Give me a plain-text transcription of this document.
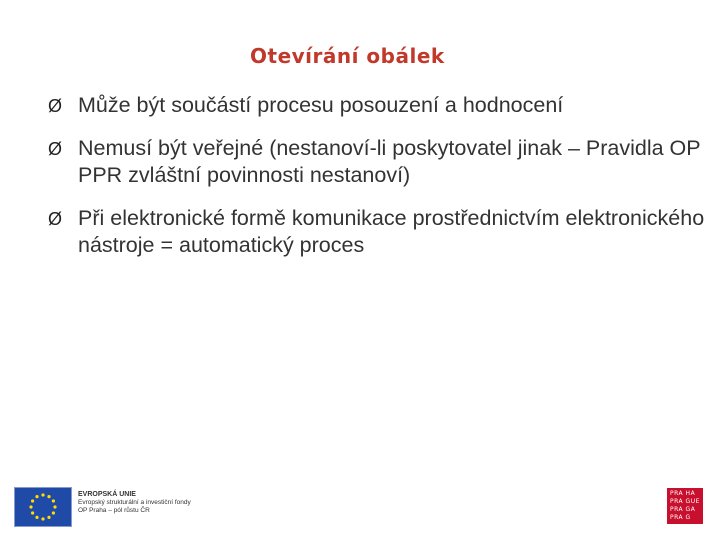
Otevírání obálek
Ø Může být součástí procesu posouzení a hodnocení
Ø Nemusí být veřejné (nestanoví-li poskytovatel jinak – Pravidla OP PPR zvláštní povinnosti nestanoví)
Ø Při elektronické formě komunikace prostřednictvím elektronického nástroje = automatický proces
EVROPSKÁ UNIE
Evropský strukturální a investiční fondy
OP Praha – pól růstu ČR
PRA HA
PRA GUE
PRA GA
PRA G
